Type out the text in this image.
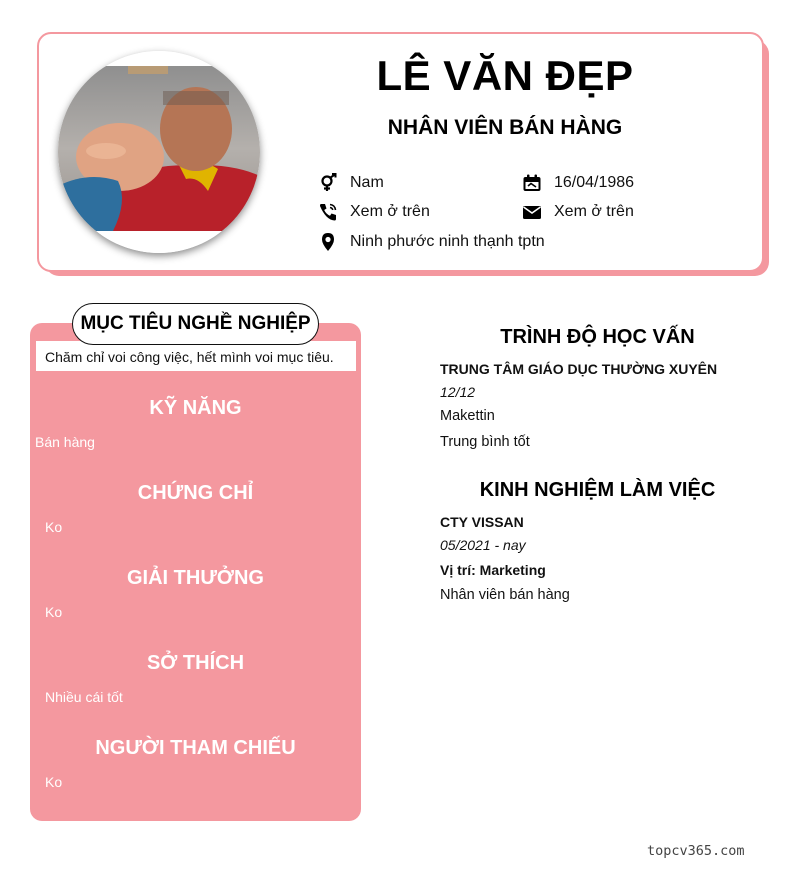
LÊ VĂN ĐẸP
NHÂN VIÊN BÁN HÀNG
Nam	16/04/1986
Xem ở trên	Xem ở trên
Ninh phước ninh thạnh tptn
Chăm chỉ voi công việc, hết mình voi mục tiêu.
MỤC TIÊU NGHỀ NGHIỆP
KỸ NĂNG
Bán hàng
CHỨNG CHỈ
Ko
GIẢI THƯỞNG
Ko
SỞ THÍCH
Nhiều cái tốt
NGƯỜI THAM CHIẾU
Ko
TRÌNH ĐỘ HỌC VẤN
TRUNG TÂM GIÁO DỤC THƯỜNG XUYÊN
12/12
Makettin
Trung bình tốt
KINH NGHIỆM LÀM VIỆC
CTY VISSAN
05/2021 - nay
Vị trí: Marketing
Nhân viên bán hàng
topcv365.com
